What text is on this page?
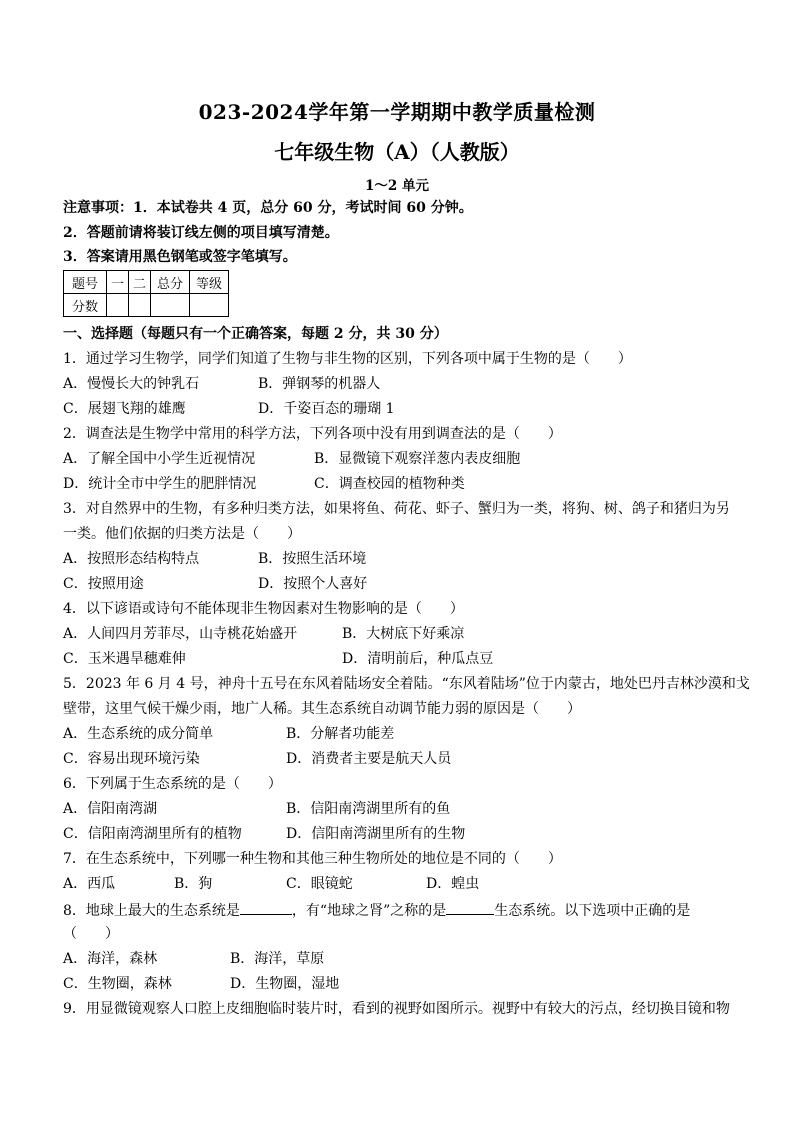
023-2024学年第一学期期中教学质量检测
七年级生物（A）（人教版）
1～2 单元
注意事项：1．本试卷共 4 页，总分 60 分，考试时间 60 分钟。
2．答题前请将装订线左侧的项目填写清楚。
3．答案请用黑色钢笔或签字笔填写。
题号	一	二	总分	等级
分数				
一、选择题（每题只有一个正确答案，每题 2 分，共 30 分）
1．通过学习生物学，同学们知道了生物与非生物的区别，下列各项中属于生物的是（　　）
A．慢慢长大的钟乳石	B．弹钢琴的机器人
C．展翅飞翔的雄鹰	D．千姿百态的珊瑚 1
2．调查法是生物学中常用的科学方法，下列各项中没有用到调查法的是（　　）
A．了解全国中小学生近视情况	B．显微镜下观察洋葱内表皮细胞
D．统计全市中学生的肥胖情况	C．调查校园的植物种类
3．对自然界中的生物，有多种归类方法，如果将鱼、荷花、虾子、蟹归为一类，将狗、树、鸽子和猪归为另
一类。他们依据的归类方法是（　　）
A．按照形态结构特点	B．按照生活环境
C．按照用途	D．按照个人喜好
4．以下谚语或诗句不能体现非生物因素对生物影响的是（　　）
A．人间四月芳菲尽，山寺桃花始盛开	B．大树底下好乘凉
C．玉米遇旱穗难伸	D．清明前后，种瓜点豆
5．2023 年 6 月 4 号，神舟十五号在东风着陆场安全着陆。“东风着陆场”位于内蒙古，地处巴丹吉林沙漠和戈
壁带，这里气候干燥少雨，地广人稀。其生态系统自动调节能力弱的原因是（　　）
A．生态系统的成分简单	B．分解者功能差
C．容易出现环境污染	D．消费者主要是航天人员
6．下列属于生态系统的是（　　）
A．信阳南湾湖	B．信阳南湾湖里所有的鱼
C．信阳南湾湖里所有的植物	D．信阳南湾湖里所有的生物
7．在生态系统中，下列哪一种生物和其他三种生物所处的地位是不同的（　　）
A．西瓜	B．狗	C．眼镜蛇	D．蝗虫
8．地球上最大的生态系统是	，有“地球之肾”之称的是	生态系统。以下选项中正确的是
（　　）
A．海洋，森林	B．海洋，草原
C．生物圈，森林	D．生物圈，湿地
9．用显微镜观察人口腔上皮细胞临时装片时，看到的视野如图所示。视野中有较大的污点，经切换目镜和物
